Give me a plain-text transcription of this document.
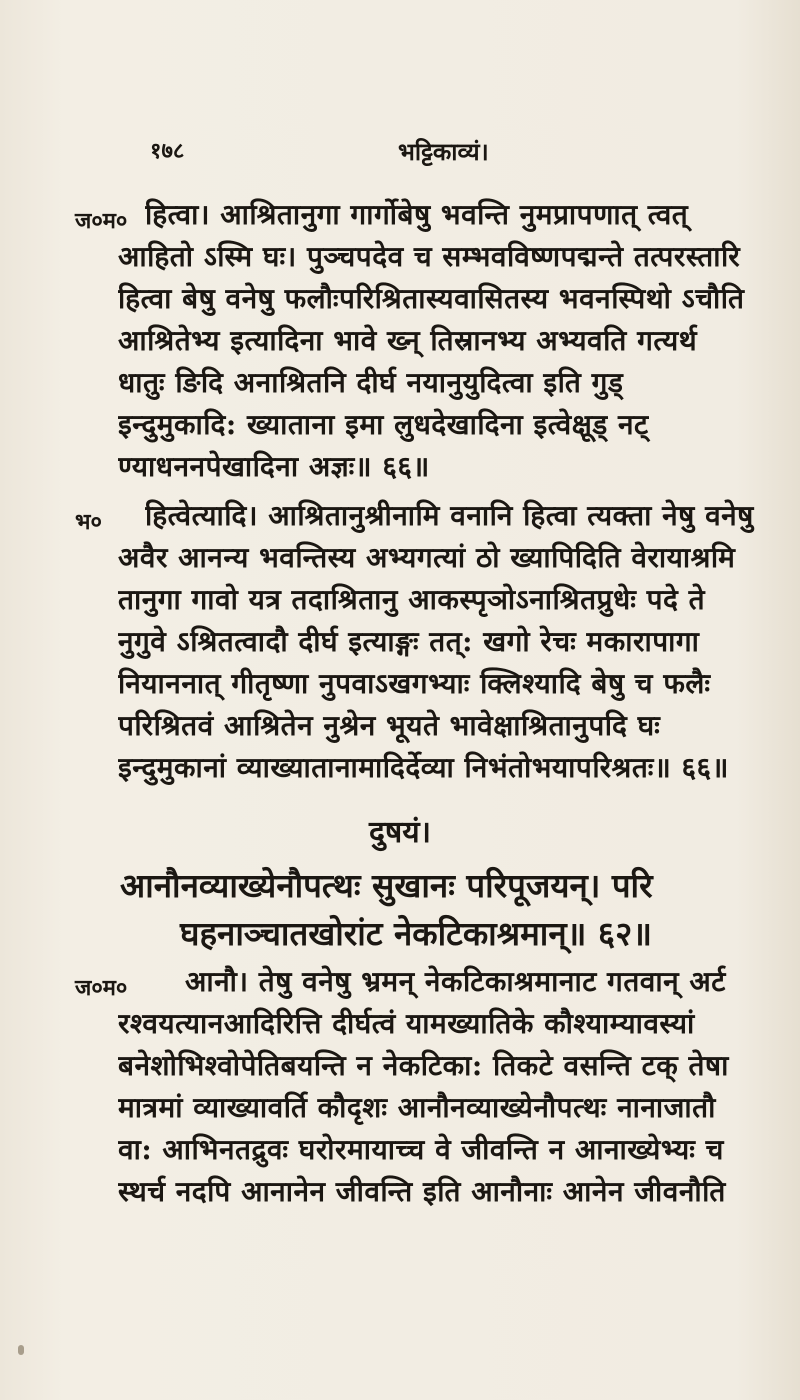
१७८	भट्टिकाव्यं।
ज०म० हित्वा। आश्रितानुगा गार्गोबेषु भवन्ति नुमप्रापणात् त्वत्
आहितो ऽस्मि घः। पुञ्चपदेव च सम्भवविष्णपद्मन्ते तत्परस्तारि
हित्वा बेषु वनेषु फलौःपरिश्रितास्यवासितस्य भवनस्पिथो ऽचौति
आश्रितेभ्य इत्यादिना भावे ख्न् तिस्रानभ्य अभ्यवति गत्यर्थ
धातुः ङिदि अनाश्रितनि दीर्घ नयानुयुदित्वा इति गुड्
इन्दुमुकादि: ख्याताना इमा लुधदेखादिना इत्वेक्षूड् नट्
ण्याधननपेखादिना अज्ञः॥ ६६॥
भ० हित्वेत्यादि। आश्रितानुश्रीनामि वनानि हित्वा त्यक्ता नेषु वनेषु
अवैर आनन्य भवन्तिस्य अभ्यगत्यां ठो ख्यापिदिति वेरायाश्रमि
तानुगा गावो यत्र तदाश्रितानु आकस्पृञोऽनाश्रितप्रुधेः पदे ते
नुगुवे ऽश्रितत्वादौ दीर्घ इत्याङ्गः तत्: खगो रेचः मकारापागा
नियाननात् गीतृष्णा नुपवाऽखगभ्याः क्लिश्यादि बेषु च फलैः
परिश्रितवं आश्रितेन नुश्रेन भूयते भावेक्षाश्रितानुपदि घः
इन्दुमुकानां व्याख्यातानामादिर्देव्या निभंतोभयापरिश्रतः॥ ६६॥
दुषयं।
आनौनव्याख्येनौपत्थः सुखानः परिपूजयन्। परि
घहनाञ्चातखोरांट नेकटिकाश्रमान्॥ ६२॥
ज०म० आनौ। तेषु वनेषु भ्रमन् नेकटिकाश्रमानाट गतवान् अर्ट
रश्वयत्यानआदिरित्ति दीर्घत्वं यामख्यातिके कौश्याम्यावस्यां
बनेशोभिश्वोपेतिबयन्ति न नेकटिका: तिकटे वसन्ति टक् तेषा
मात्रमां व्याख्यावर्ति कौदृशः आनौनव्याख्येनौपत्थः नानाजातौ
वा: आभिनतद्रुवः घरोरमायाच्च वे जीवन्ति न आनाख्येभ्यः च
स्थर्च नदपि आनानेन जीवन्ति इति आनौनाः आनेन जीवनौति
